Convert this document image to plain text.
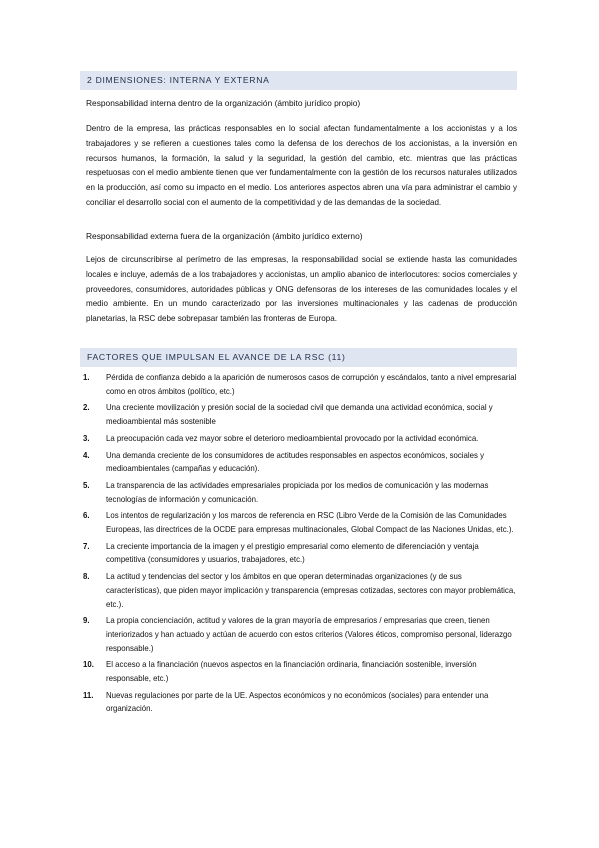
2 DIMENSIONES: INTERNA Y EXTERNA
Responsabilidad interna dentro de la organización (ámbito jurídico propio)
Dentro de la empresa, las prácticas responsables en lo social afectan fundamentalmente a los accionistas y a los trabajadores y se refieren a cuestiones tales como la defensa de los derechos de los accionistas, a la inversión en recursos humanos, la formación, la salud y la seguridad, la gestión del cambio, etc. mientras que las prácticas respetuosas con el medio ambiente tienen que ver fundamentalmente con la gestión de los recursos naturales utilizados en la producción, así como su impacto en el medio. Los anteriores aspectos abren una vía para administrar el cambio y conciliar el desarrollo social con el aumento de la competitividad y de las demandas de la sociedad.
Responsabilidad externa fuera de la organización (ámbito jurídico externo)
Lejos de circunscribirse al perímetro de las empresas, la responsabilidad social se extiende hasta las comunidades locales e incluye, además de a los trabajadores y accionistas, un amplio abanico de interlocutores: socios comerciales y proveedores, consumidores, autoridades públicas y ONG defensoras de los intereses de las comunidades locales y el medio ambiente. En un mundo caracterizado por las inversiones multinacionales y las cadenas de producción planetarias, la RSC debe sobrepasar también las fronteras de Europa.
FACTORES QUE IMPULSAN EL AVANCE DE LA RSC (11)
1. Pérdida de confianza debido a la aparición de numerosos casos de corrupción y escándalos, tanto a nivel empresarial como en otros ámbitos (político, etc.)
2. Una creciente movilización y presión social de la sociedad civil que demanda una actividad económica, social y medioambiental más sostenible
3. La preocupación cada vez mayor sobre el deterioro medioambiental provocado por la actividad económica.
4. Una demanda creciente de los consumidores de actitudes responsables en aspectos económicos, sociales y medioambientales (campañas y educación).
5. La transparencia de las actividades empresariales propiciada por los medios de comunicación y las modernas tecnologías de información y comunicación.
6. Los intentos de regularización y los marcos de referencia en RSC (Libro Verde de la Comisión de las Comunidades Europeas, las directrices de la OCDE para empresas multinacionales, Global Compact de las Naciones Unidas, etc.).
7. La creciente importancia de la imagen y el prestigio empresarial como elemento de diferenciación y ventaja competitiva (consumidores y usuarios, trabajadores, etc.)
8. La actitud y tendencias del sector y los ámbitos en que operan determinadas organizaciones (y de sus características), que piden mayor implicación y transparencia (empresas cotizadas, sectores con mayor problemática, etc.).
9. La propia concienciación, actitud y valores de la gran mayoría de empresarios / empresarias que creen, tienen interiorizados y han actuado y actúan de acuerdo con estos criterios (Valores éticos, compromiso personal, liderazgo responsable.)
10. El acceso a la financiación (nuevos aspectos en la financiación ordinaria, financiación sostenible, inversión responsable, etc.)
11. Nuevas regulaciones por parte de la UE. Aspectos económicos y no económicos (sociales) para entender una organización.
